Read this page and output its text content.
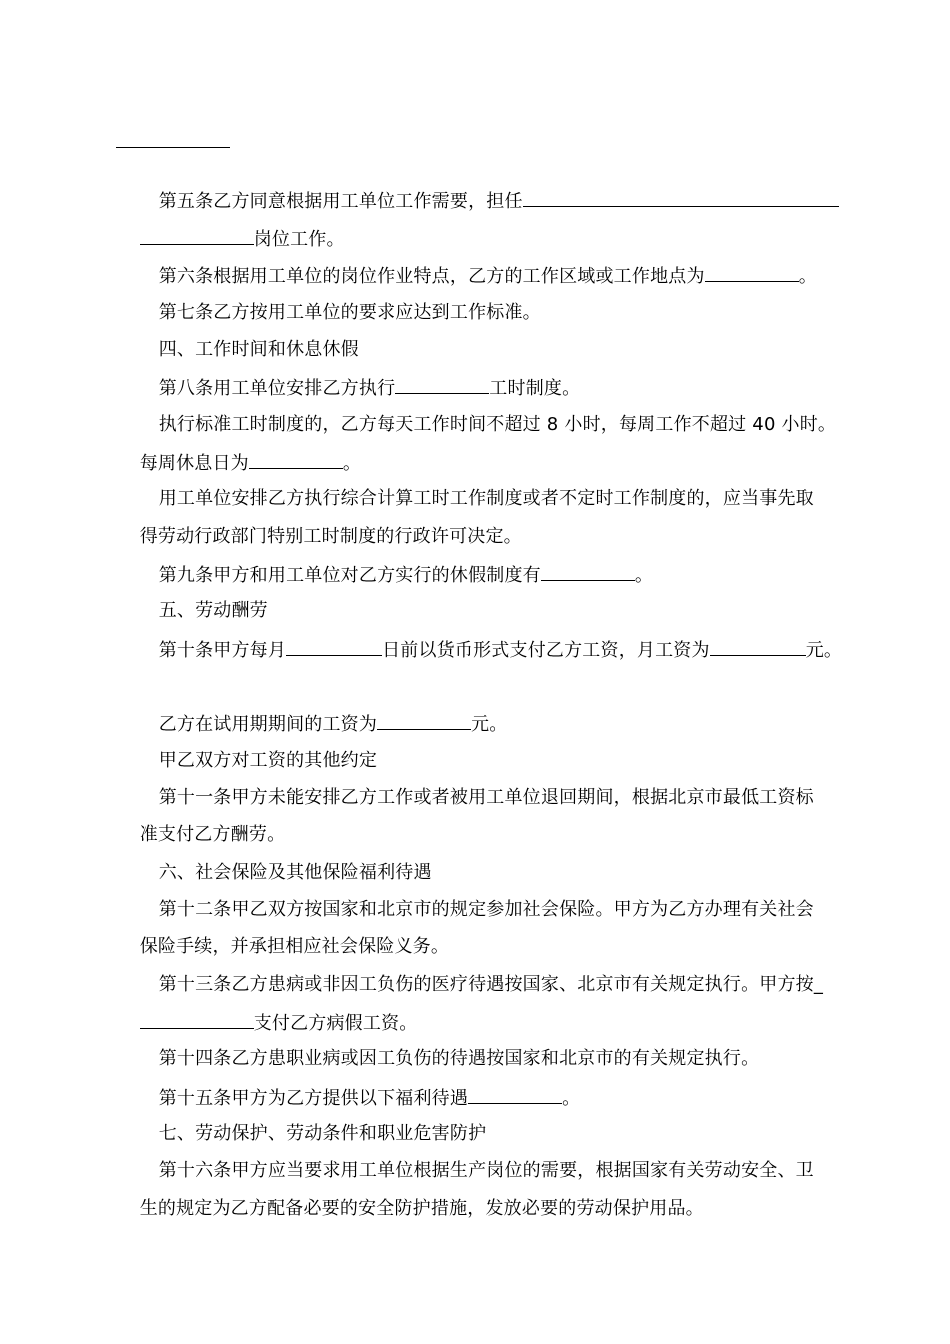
第五条乙方同意根据用工单位工作需要，担任

岗位工作。

第六条根据用工单位的岗位作业特点，乙方的工作区域或工作地点为	。

第七条乙方按用工单位的要求应达到工作标准。

四、工作时间和休息休假

第八条用工单位安排乙方执行	工时制度。

执行标准工时制度的，乙方每天工作时间不超过 8 小时，每周工作不超过 40 小时。

每周休息日为	。

用工单位安排乙方执行综合计算工时工作制度或者不定时工作制度的，应当事先取

得劳动行政部门特别工时制度的行政许可决定。

第九条甲方和用工单位对乙方实行的休假制度有	。

五、劳动酬劳

第十条甲方每月	日前以货币形式支付乙方工资，月工资为	元。

乙方在试用期期间的工资为	元。

甲乙双方对工资的其他约定

第十一条甲方未能安排乙方工作或者被用工单位退回期间，根据北京市最低工资标

准支付乙方酬劳。

六、社会保险及其他保险福利待遇

第十二条甲乙双方按国家和北京市的规定参加社会保险。甲方为乙方办理有关社会

保险手续，并承担相应社会保险义务。

第十三条乙方患病或非因工负伤的医疗待遇按国家、北京市有关规定执行。甲方按_

支付乙方病假工资。

第十四条乙方患职业病或因工负伤的待遇按国家和北京市的有关规定执行。

第十五条甲方为乙方提供以下福利待遇	。

七、劳动保护、劳动条件和职业危害防护

第十六条甲方应当要求用工单位根据生产岗位的需要，根据国家有关劳动安全、卫

生的规定为乙方配备必要的安全防护措施，发放必要的劳动保护用品。
